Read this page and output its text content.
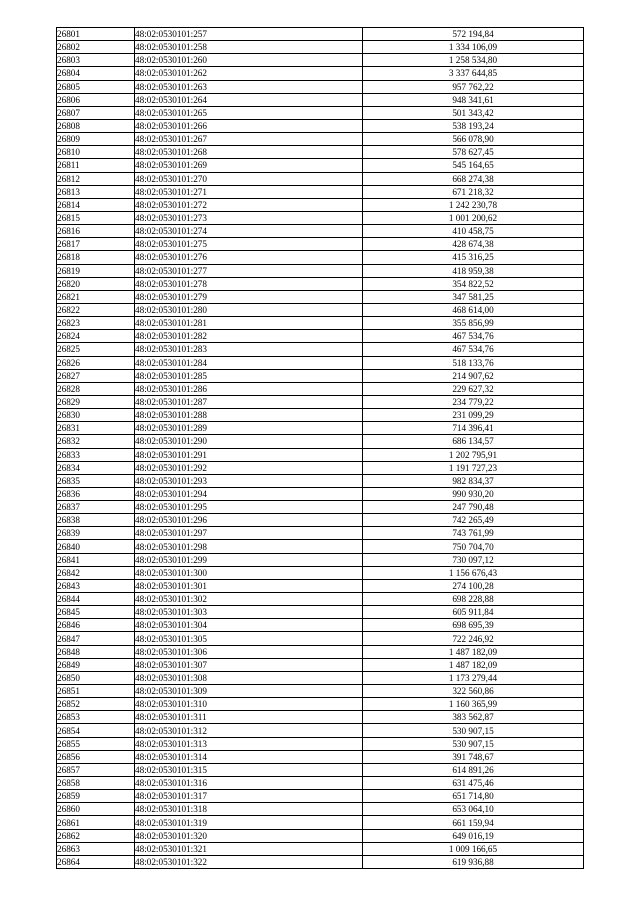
26801	48:02:0530101:257	572 194,84
26802	48:02:0530101:258	1 334 106,09
26803	48:02:0530101:260	1 258 534,80
26804	48:02:0530101:262	3 337 644,85
26805	48:02:0530101:263	957 762,22
26806	48:02:0530101:264	948 341,61
26807	48:02:0530101:265	501 343,42
26808	48:02:0530101:266	538 193,24
26809	48:02:0530101:267	566 078,90
26810	48:02:0530101:268	578 627,45
26811	48:02:0530101:269	545 164,65
26812	48:02:0530101:270	668 274,38
26813	48:02:0530101:271	671 218,32
26814	48:02:0530101:272	1 242 230,78
26815	48:02:0530101:273	1 001 200,62
26816	48:02:0530101:274	410 458,75
26817	48:02:0530101:275	428 674,38
26818	48:02:0530101:276	415 316,25
26819	48:02:0530101:277	418 959,38
26820	48:02:0530101:278	354 822,52
26821	48:02:0530101:279	347 581,25
26822	48:02:0530101:280	468 614,00
26823	48:02:0530101:281	355 856,99
26824	48:02:0530101:282	467 534,76
26825	48:02:0530101:283	467 534,76
26826	48:02:0530101:284	518 133,76
26827	48:02:0530101:285	214 907,62
26828	48:02:0530101:286	229 627,32
26829	48:02:0530101:287	234 779,22
26830	48:02:0530101:288	231 099,29
26831	48:02:0530101:289	714 396,41
26832	48:02:0530101:290	686 134,57
26833	48:02:0530101:291	1 202 795,91
26834	48:02:0530101:292	1 191 727,23
26835	48:02:0530101:293	982 834,37
26836	48:02:0530101:294	990 930,20
26837	48:02:0530101:295	247 790,48
26838	48:02:0530101:296	742 265,49
26839	48:02:0530101:297	743 761,99
26840	48:02:0530101:298	750 704,70
26841	48:02:0530101:299	730 097,12
26842	48:02:0530101:300	1 156 676,43
26843	48:02:0530101:301	274 100,28
26844	48:02:0530101:302	698 228,88
26845	48:02:0530101:303	605 911,84
26846	48:02:0530101:304	698 695,39
26847	48:02:0530101:305	722 246,92
26848	48:02:0530101:306	1 487 182,09
26849	48:02:0530101:307	1 487 182,09
26850	48:02:0530101:308	1 173 279,44
26851	48:02:0530101:309	322 560,86
26852	48:02:0530101:310	1 160 365,99
26853	48:02:0530101:311	383 562,87
26854	48:02:0530101:312	530 907,15
26855	48:02:0530101:313	530 907,15
26856	48:02:0530101:314	391 748,67
26857	48:02:0530101:315	614 891,26
26858	48:02:0530101:316	631 475,46
26859	48:02:0530101:317	651 714,80
26860	48:02:0530101:318	653 064,10
26861	48:02:0530101:319	661 159,94
26862	48:02:0530101:320	649 016,19
26863	48:02:0530101:321	1 009 166,65
26864	48:02:0530101:322	619 936,88
